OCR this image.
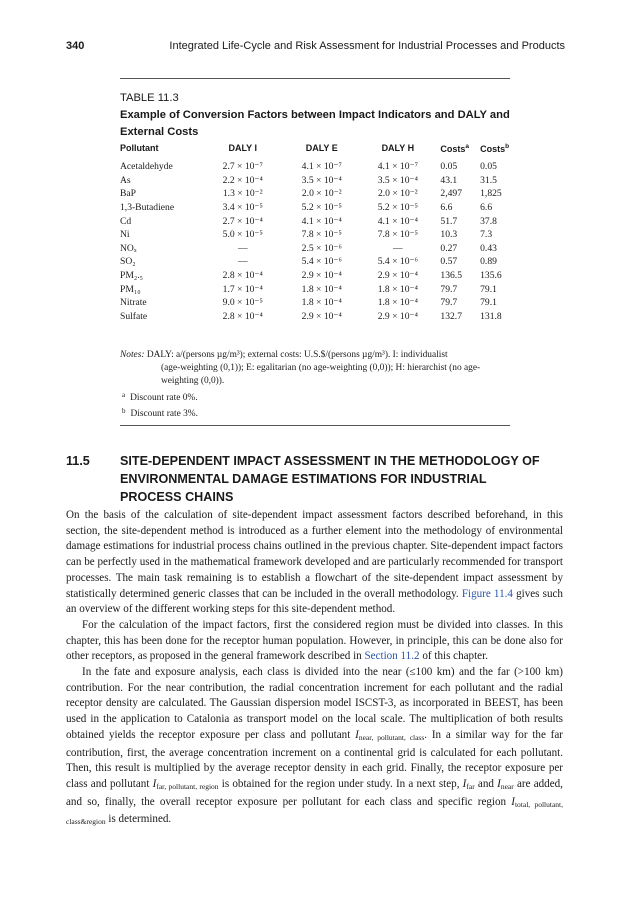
340	Integrated Life-Cycle and Risk Assessment for Industrial Processes and Products
TABLE 11.3
Example of Conversion Factors between Impact Indicators and DALY and External Costs
Pollutant	DALY I	DALY E	DALY H	Costs$^a$	Costs$^b$
Acetaldehyde	2.7 × 10⁻⁷	4.1 × 10⁻⁷	4.1 × 10⁻⁷	0.05	0.05
As	2.2 × 10⁻⁴	3.5 × 10⁻⁴	3.5 × 10⁻⁴	43.1	31.5
BaP	1.3 × 10⁻²	2.0 × 10⁻²	2.0 × 10⁻²	2,497	1,825
1,3-Butadiene	3.4 × 10⁻⁵	5.2 × 10⁻⁵	5.2 × 10⁻⁵	6.6	6.6
Cd	2.7 × 10⁻⁴	4.1 × 10⁻⁴	4.1 × 10⁻⁴	51.7	37.8
Ni	5.0 × 10⁻⁵	7.8 × 10⁻⁵	7.8 × 10⁻⁵	10.3	7.3
NOₓ	—	2.5 × 10⁻⁶	—	0.27	0.43
SO₂	—	5.4 × 10⁻⁶	5.4 × 10⁻⁶	0.57	0.89
PM₂.₅	2.8 × 10⁻⁴	2.9 × 10⁻⁴	2.9 × 10⁻⁴	136.5	135.6
PM₁₀	1.7 × 10⁻⁴	1.8 × 10⁻⁴	1.8 × 10⁻⁴	79.7	79.1
Nitrate	9.0 × 10⁻⁵	1.8 × 10⁻⁴	1.8 × 10⁻⁴	79.7	79.1
Sulfate	2.8 × 10⁻⁴	2.9 × 10⁻⁴	2.9 × 10⁻⁴	132.7	131.8
Notes: DALY: a/(persons µg/m³); external costs: U.S.$/(persons µg/m³). I: individualist
(age-weighting (0,1)); E: egalitarian (no age-weighting (0,0)); H: hierarchist (no age-
weighting (0,0)).
$^a$ Discount rate 0%.
$^b$ Discount rate 3%.
11.5 SITE-DEPENDENT IMPACT ASSESSMENT IN THE METHODOLOGY OF ENVIRONMENTAL DAMAGE ESTIMATIONS FOR INDUSTRIAL PROCESS CHAINS

On the basis of the calculation of site-dependent impact assessment factors described beforehand, in this section, the site-dependent method is introduced as a further element into the methodology of environmental damage estimations for industrial process chains outlined in the previous chapter. Site-dependent impact factors can be perfectly used in the mathematical framework developed and are particularly recommended for transport processes. The main task remaining is to establish a flowchart of the site-dependent impact assessment by statistically determined generic classes that can be included in the overall methodology. Figure 11.4 gives such an overview of the different working steps for this site-dependent method.

For the calculation of the impact factors, first the considered region must be divided into classes. In this chapter, this has been done for the receptor human population. However, in principle, this can be done also for other receptors, as proposed in the general framework described in Section 11.2 of this chapter.

In the fate and exposure analysis, each class is divided into the near (≤100 km) and the far (>100 km) contribution. For the near contribution, the radial concentration increment for each pollutant and the radial receptor density are calculated. The Gaussian dispersion model ISCST-3, as incorporated in BEEST, has been used in the application to Catalonia as transport model on the local scale. The multiplication of both results obtained yields the receptor exposure per class and pollutant $I_{near, pollutant, class}$. In a similar way for the far contribution, first, the average concentration increment on a continental grid is calculated for each pollutant. Then, this result is multiplied by the average receptor density in each grid. Finally, the receptor exposure per class and pollutant $I_{far, pollutant, region}$ is obtained for the region under study. In a next step, $I_{far}$ and $I_{near}$ are added, and so, finally, the overall receptor exposure per pollutant for each class and specific region $I_{total, pollutant, class\&region}$ is determined.
